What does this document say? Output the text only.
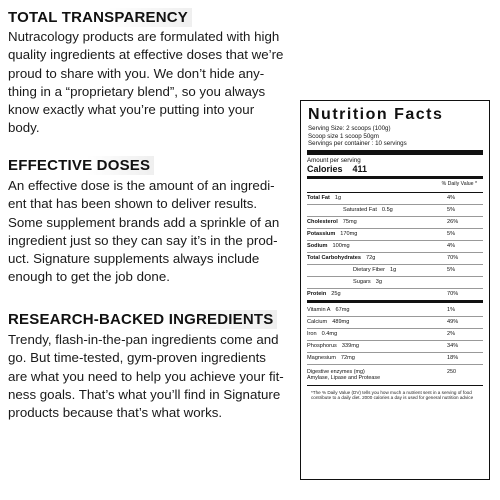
TOTAL TRANSPARENCY

Nutracology products are formulated with high
quality ingredients at effective doses that we’re
proud to share with you. We don’t hide any-
thing in a “proprietary blend”, so you always
know exactly what you’re putting into your
body.

EFFECTIVE DOSES

An effective dose is the amount of an ingredi-
ent that has been shown to deliver results.
Some supplement brands add a sprinkle of an
ingredient just so they can say it’s in the prod-
uct. Signature supplements always include
enough to get the job done.

RESEARCH-BACKED INGREDIENTS

Trendy, flash-in-the-pan ingredients come and
go. But time-tested, gym-proven ingredients
are what you need to help you achieve your fit-
ness goals. That’s what you’ll find in Signature
products because that’s what works.

Nutrition Facts
Serving Size: 2 scoops (100g)
Scoop size 1 scoop 50gm
Servings per container : 10 servings
Amount per serving
Calories 411
% Daily Value *
Total Fat 1g	4%
Saturated Fat 0.5g	5%
Cholesterol 75mg	26%
Potassium 170mg	5%
Sodium 100mg	4%
Total Carbohydrates 72g	70%
Dietary Fiber 1g	5%
Sugars 3g
Protein 25g	70%
Vitamin A 67mg	1%
Calcium 489mg	49%
Iron 0.4mg	2%
Phosphorus 339mg	34%
Magnesium 72mg	18%
Digestive enzymes (mg)	250
Amylase, Lipase and Protease
*The % Daily Value (DV) tells you how much a nutrient sent in a serving of food contribute to a daily diet. 2000 calories a day is used for general nutrition advice
